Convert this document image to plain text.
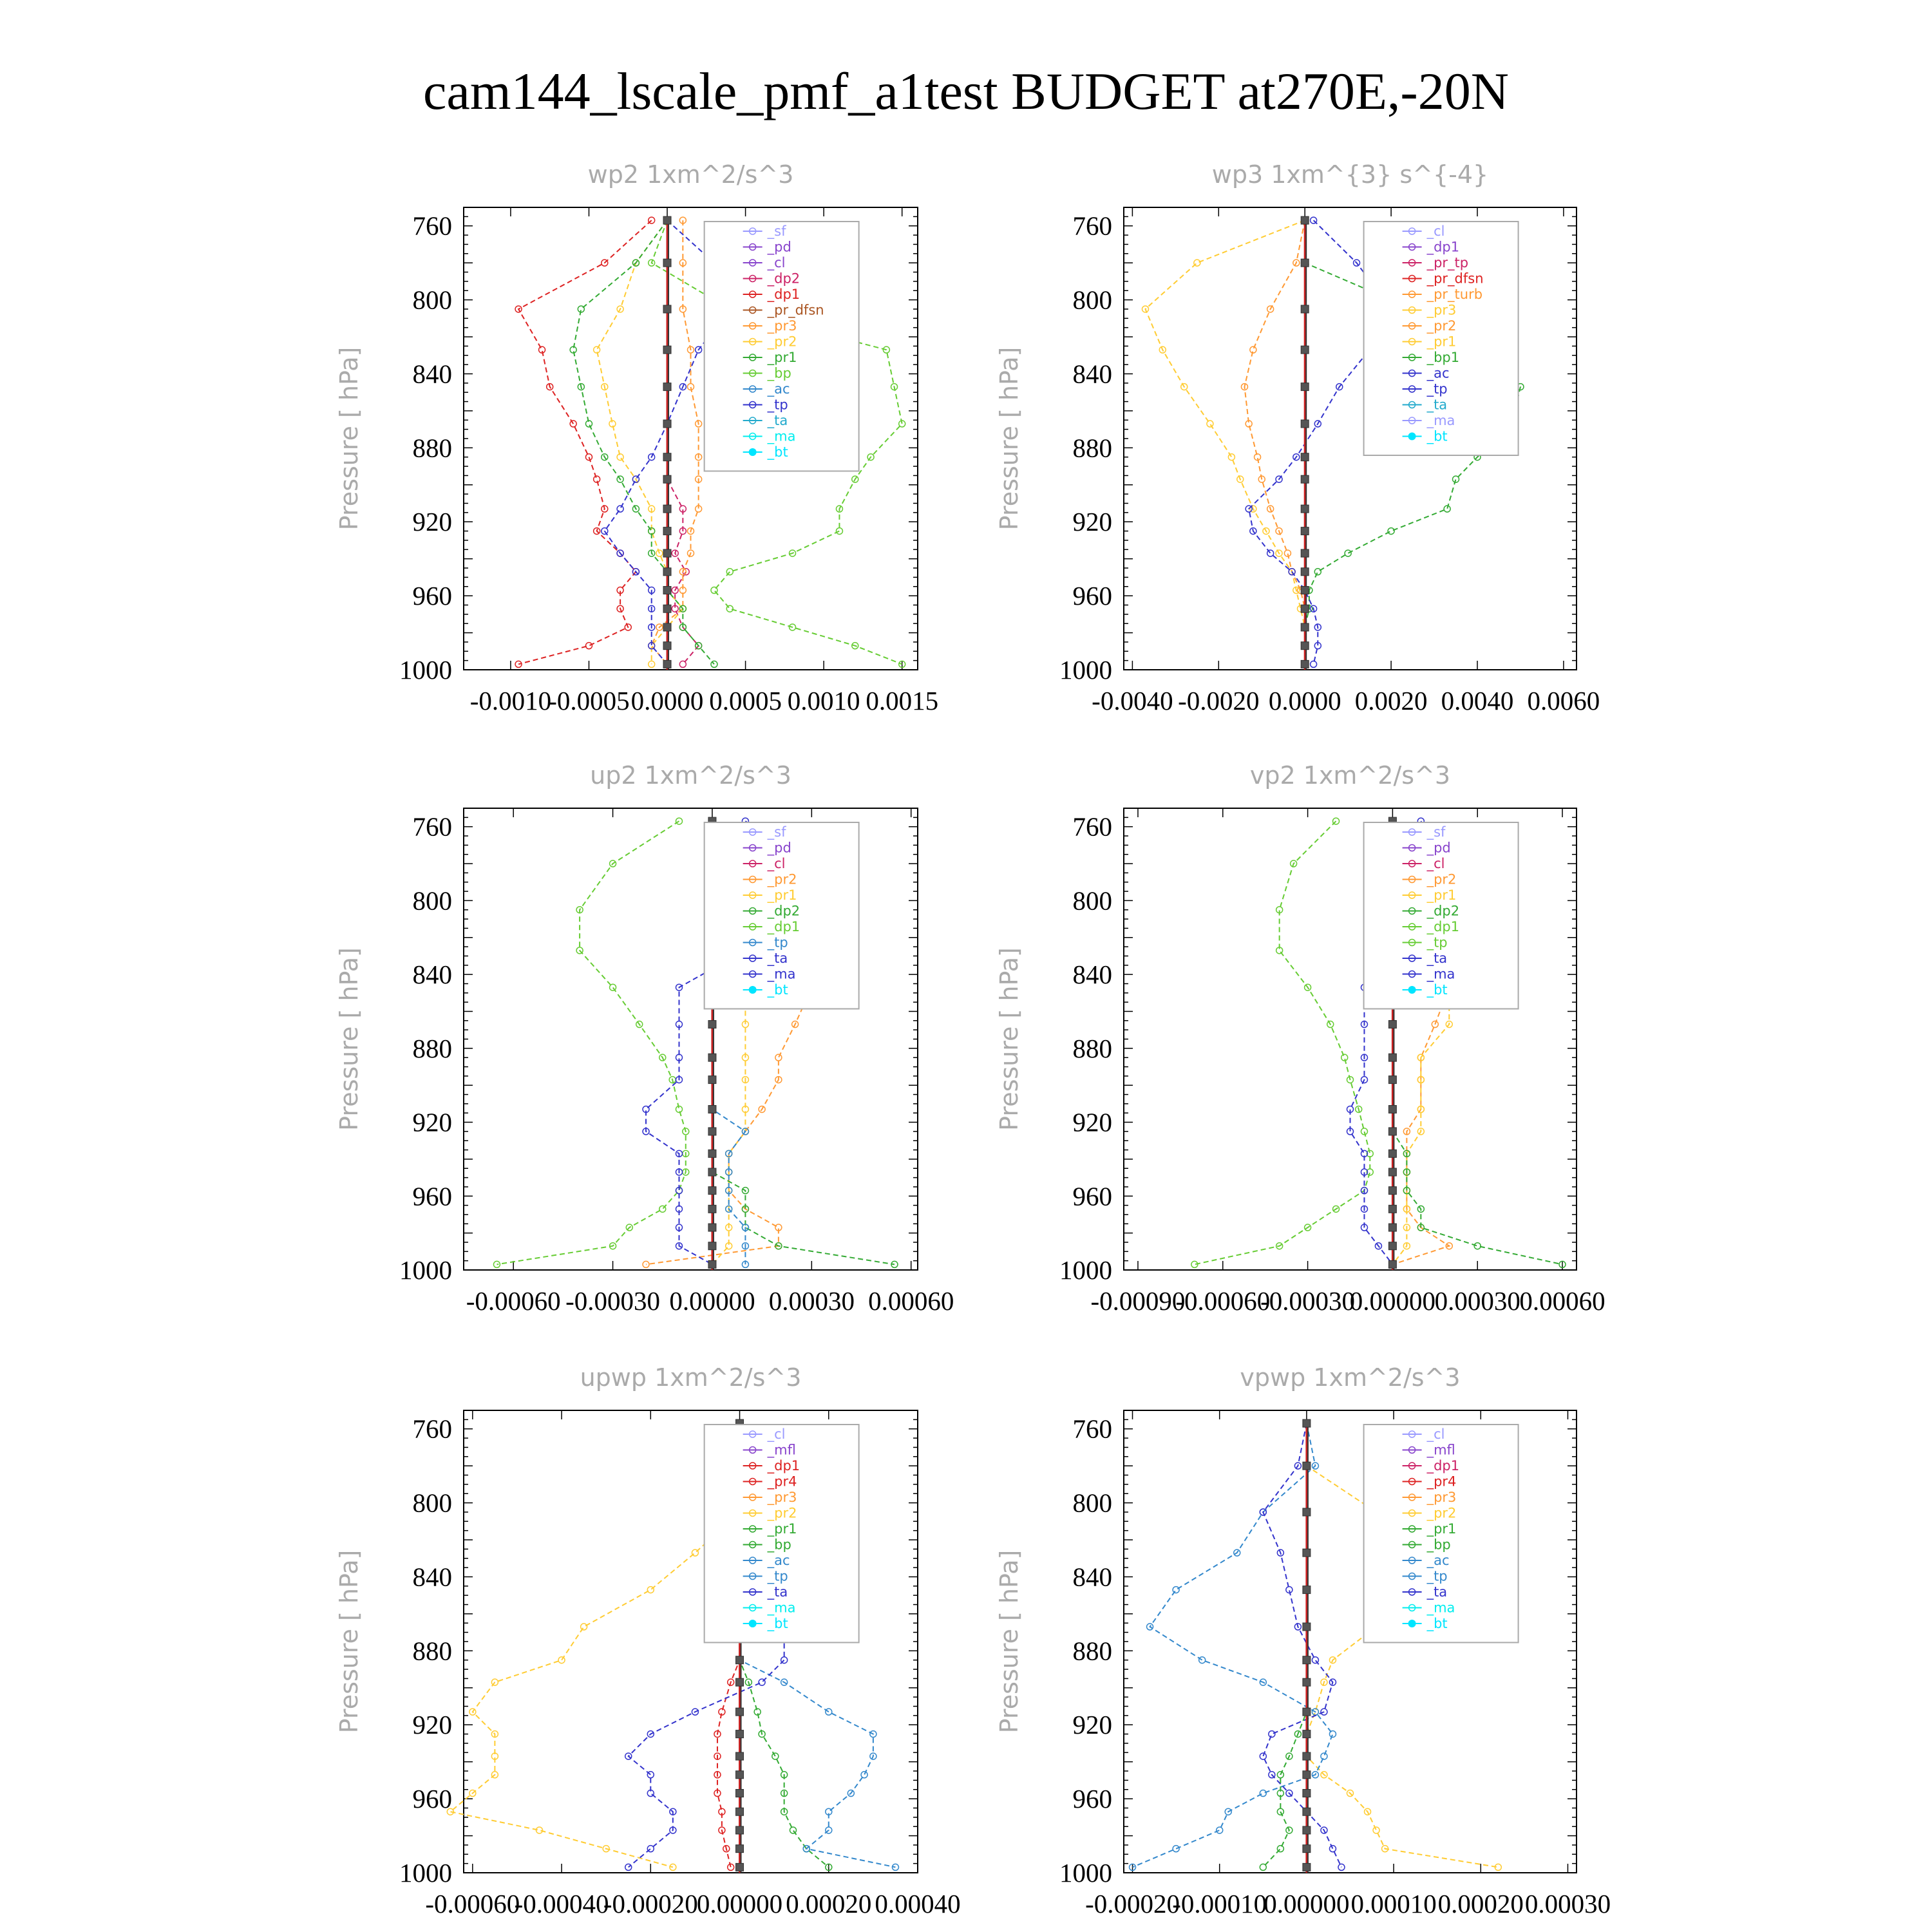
cam144_lscale_pmf_a1test BUDGET at270E,-20N
760
800
840
880
920
960
1000
-0.0010
-0.0005 0.0000 0.0005 0.0010 0.0015
wp2 1xm^2/s^3
Pressure [ hPa]
_sf
_pd
_cl
_dp2
_dp1
_pr_dfsn
_pr3
_pr2
_pr1
_bp
_ac
_tp
_ta
_ma
_bt
760
800
840
880
920
960
1000
-0.0040 -0.0020 0.0000 0.0020 0.0040 0.0060
wp3 1xm^{3} s^{-4}
Pressure [ hPa]
_cl
_dp1
_pr_tp
_pr_dfsn
_pr_turb
_pr3
_pr2
_pr1
_bp1
_ac
_tp
_ta
_ma
_bt
760
800
840
880
920
960
1000
-0.00060 -0.00030 0.00000 0.00030 0.00060
up2 1xm^2/s^3
Pressure [ hPa]
_sf
_pd
_cl
_pr2
_pr1
_dp2
_dp1
_tp
_ta
_ma
_bt
760
800
840
880
920
960
1000
-0.00090
-0.00060
-0.00030
0.00000
0.00030
0.00060
vp2 1xm^2/s^3
Pressure [ hPa]
_sf
_pd
_cl
_pr2
_pr1
_dp2
_dp1
_tp
_ta
_ma
_bt
760
800
840
880
920
960
1000
-0.00060
-0.00040
-0.00020
0.00000 0.00020 0.00040
upwp 1xm^2/s^3
Pressure [ hPa]
_cl
_mfl
_dp1
_pr4
_pr3
_pr2
_pr1
_bp
_ac
_tp
_ta
_ma
_bt
760
800
840
880
920
960
1000
-0.00020
-0.00010
0.00000 0.00010 0.00020 0.00030
vpwp 1xm^2/s^3
Pressure [ hPa]
_cl
_mfl
_dp1
_pr4
_pr3
_pr2
_pr1
_bp
_ac
_tp
_ta
_ma
_bt
